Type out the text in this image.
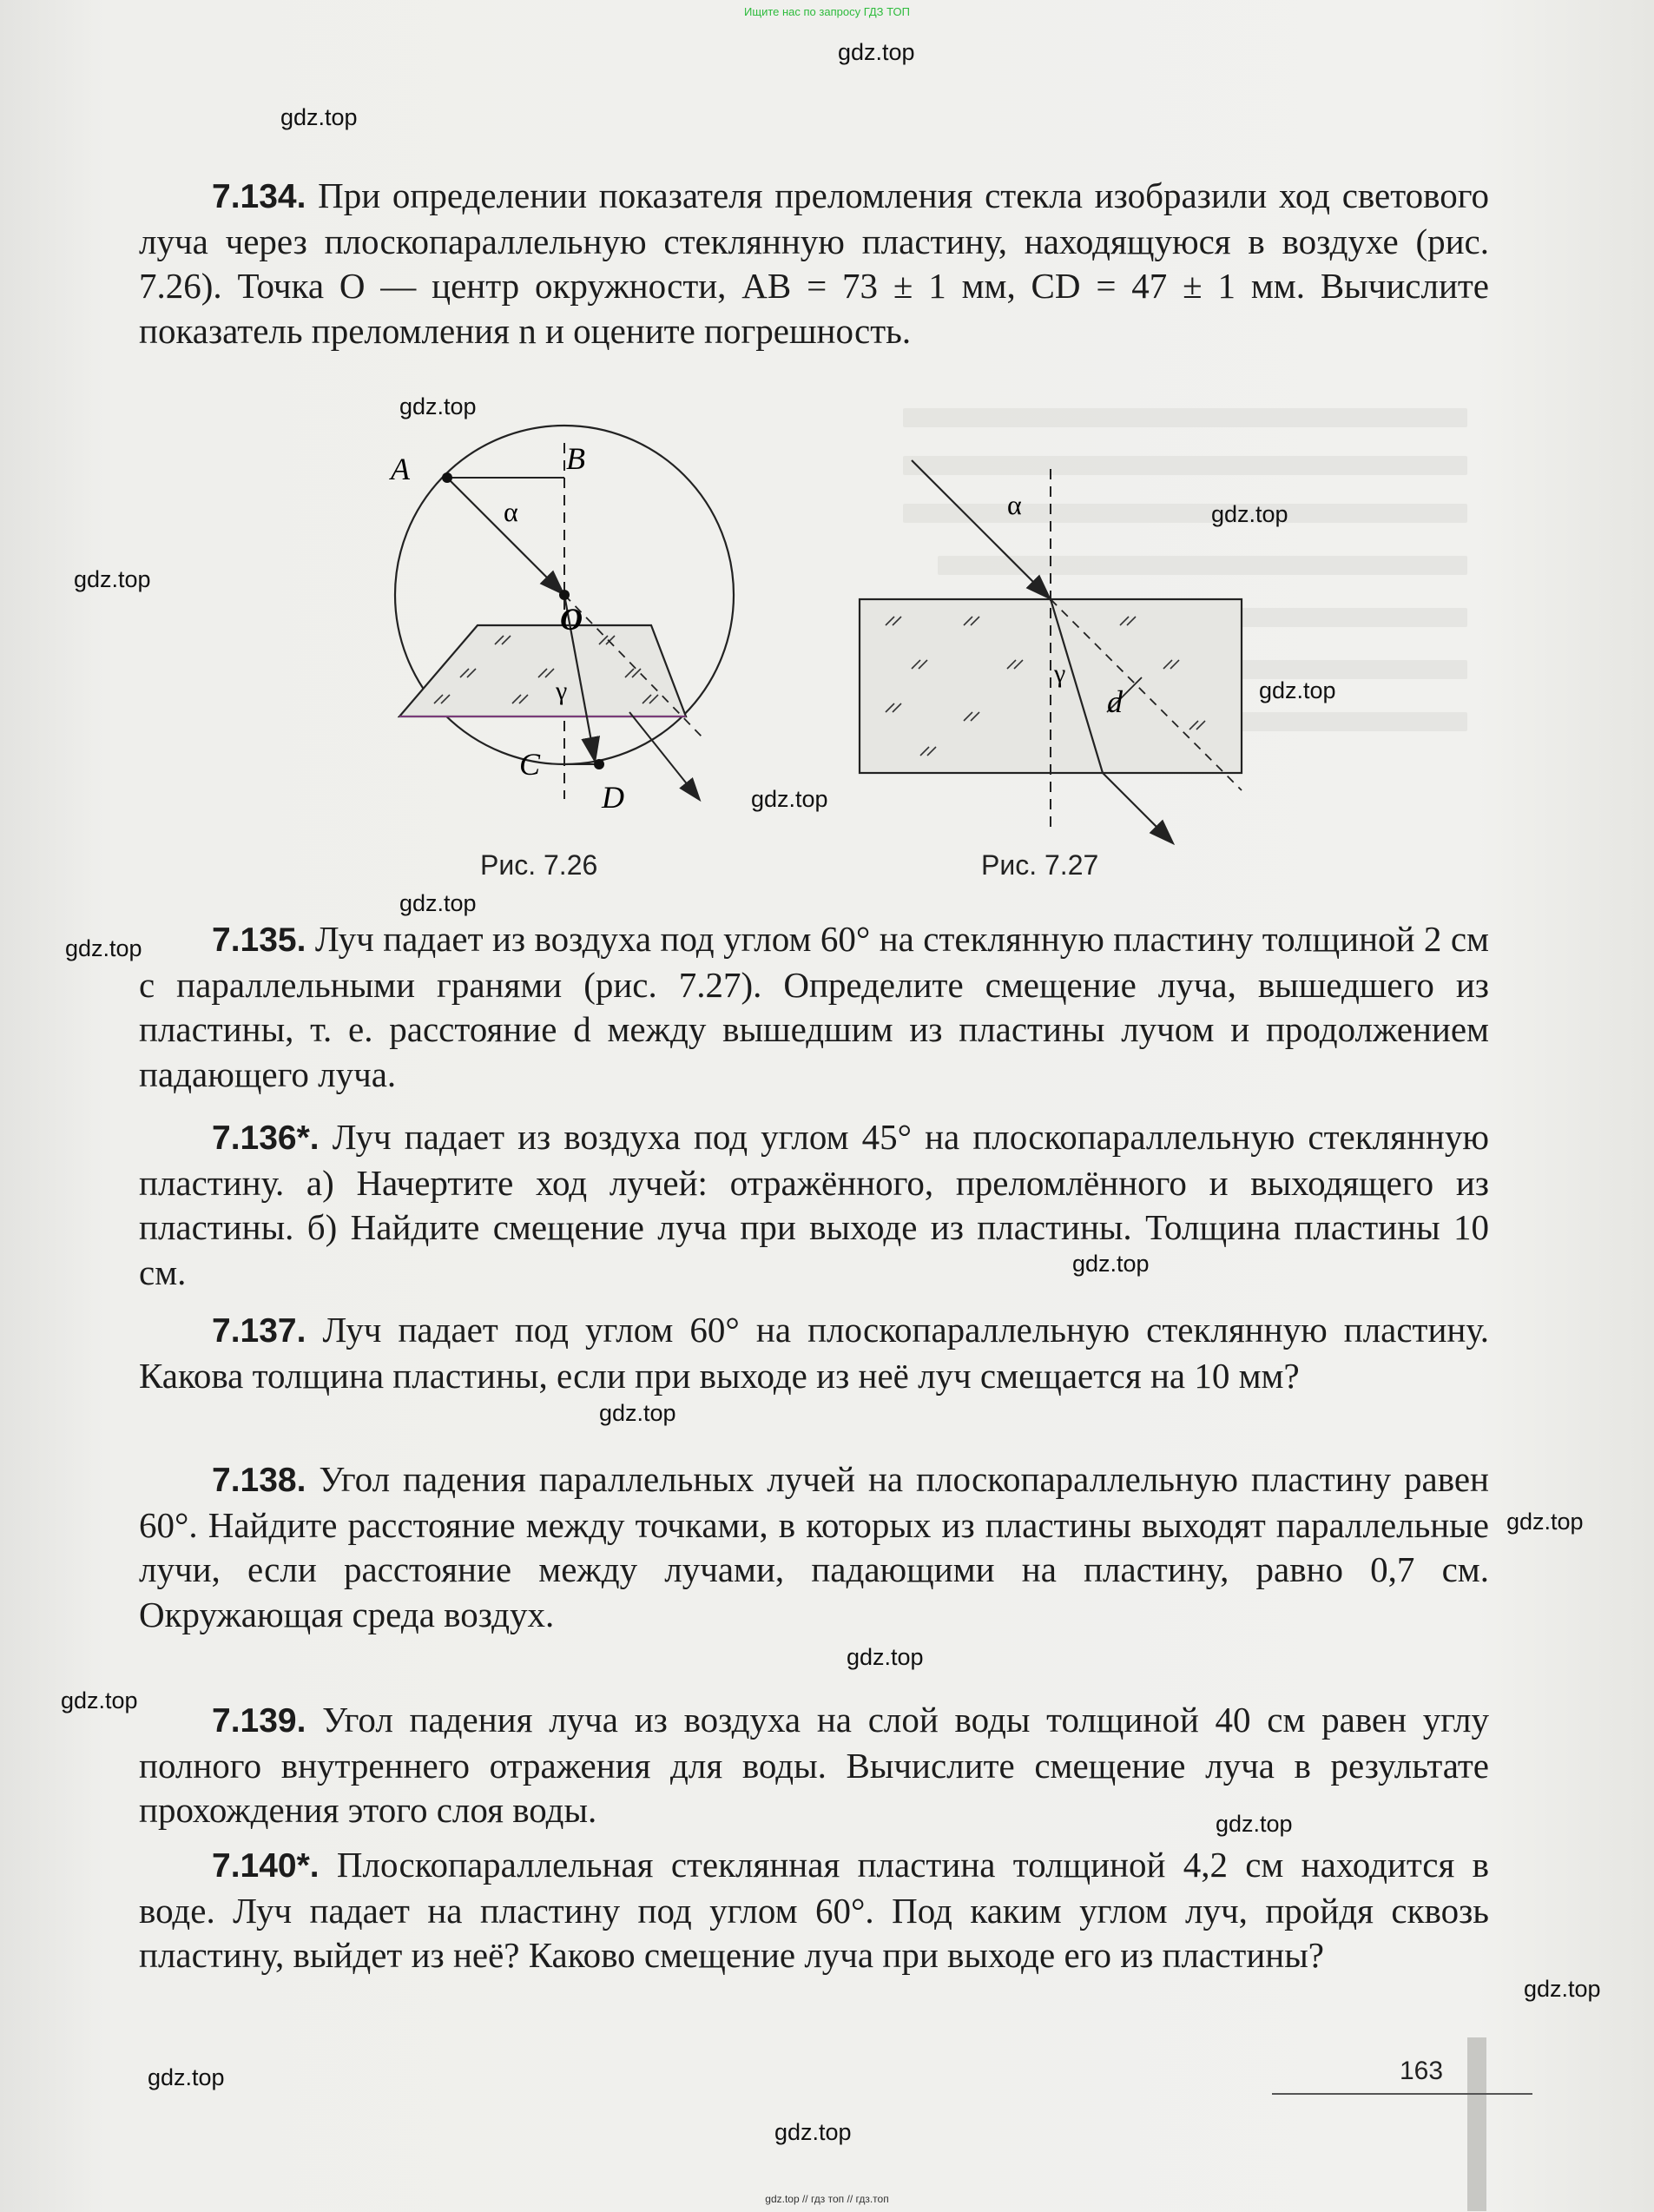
Ищите нас по запросу ГДЗ ТОП
gdz.top
gdz.top
gdz.top
gdz.top
gdz.top
gdz.top
gdz.top
gdz.top
gdz.top
gdz.top
gdz.top
gdz.top
gdz.top
gdz.top
gdz.top
gdz.top
gdz.top
gdz.top
7.134. При определении показателя преломления стекла изобразили ход светового луча через плоскопараллельную стеклянную пластину, находящуюся в воздухе (рис. 7.26). Точка O — центр окружности, AB = 73 ± 1 мм, CD = 47 ± 1 мм. Вычислите показатель преломления n и оцените погрешность.
A	B
O
C
D
α
γ
Рис. 7.26
α
γ
d
Рис. 7.27
7.135. Луч падает из воздуха под углом 60° на стеклянную пластину толщиной 2 см с параллельными гранями (рис. 7.27). Определите смещение луча, вышедшего из пластины, т. е. расстояние d между вышедшим из пластины лучом и продолжением падающего луча.
7.136*. Луч падает из воздуха под углом 45° на плоскопараллельную стеклянную пластину. а) Начертите ход лучей: отражённого, преломлённого и выходящего из пластины. б) Найдите смещение луча при выходе из пластины. Толщина пластины 10 см.
7.137. Луч падает под углом 60° на плоскопараллельную стеклянную пластину. Какова толщина пластины, если при выходе из неё луч смещается на 10 мм?
7.138. Угол падения параллельных лучей на плоскопараллельную пластину равен 60°. Найдите расстояние между точками, в которых из пластины выходят параллельные лучи, если расстояние между лучами, падающими на пластину, равно 0,7 см. Окружающая среда воздух.
7.139. Угол падения луча из воздуха на слой воды толщиной 40 см равен углу полного внутреннего отражения для воды. Вычислите смещение луча в результате прохождения этого слоя воды.
7.140*. Плоскопараллельная стеклянная пластина толщиной 4,2 см находится в воде. Луч падает на пластину под углом 60°. Под каким углом луч, пройдя сквозь пластину, выйдет из неё? Каково смещение луча при выходе его из пластины?
163
gdz.top // гдз топ // гдз.топ
